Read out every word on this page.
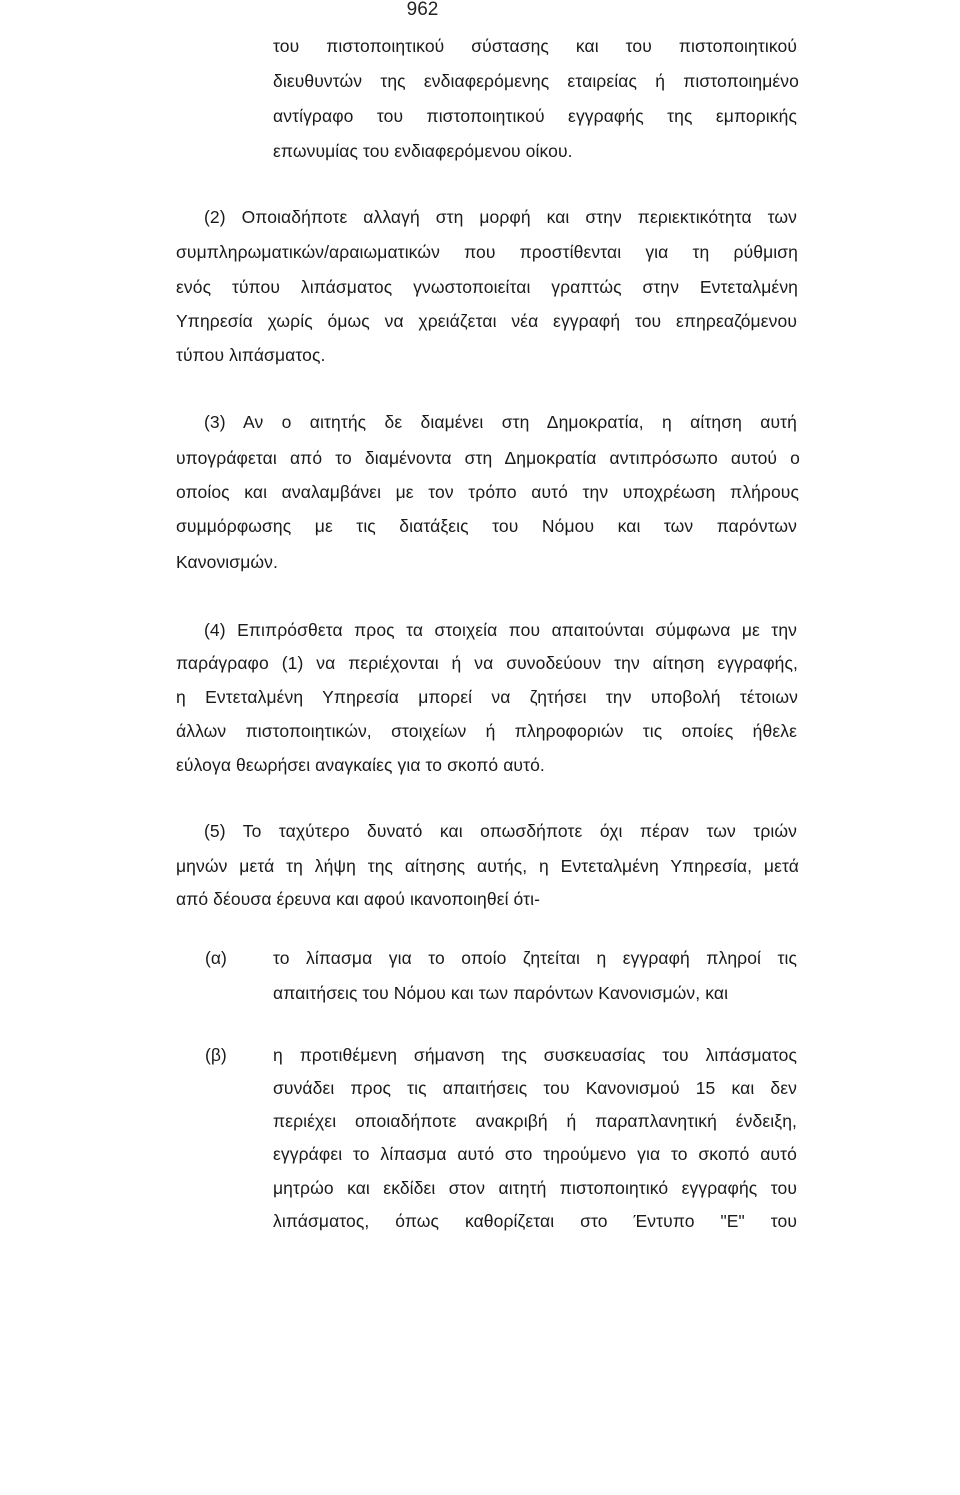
962
του πιστοποιητικού σύστασης και του πιστοποιητικού
διευθυντών της ενδιαφερόμενης εταιρείας ή πιστοποιημένο
αντίγραφο του πιστοποιητικού εγγραφής της εμπορικής
επωνυμίας του ενδιαφερόμενου οίκου.
(2) Οποιαδήποτε αλλαγή στη μορφή και στην περιεκτικότητα των
συμπληρωματικών/αραιωματικών που προστίθενται για τη ρύθμιση
ενός τύπου λιπάσματος γνωστοποιείται γραπτώς στην Εντεταλμένη
Υπηρεσία χωρίς όμως να χρειάζεται νέα εγγραφή του επηρεαζόμενου
τύπου λιπάσματος.
(3) Αν ο αιτητής δε διαμένει στη Δημοκρατία, η αίτηση αυτή
υπογράφεται από το διαμένοντα στη Δημοκρατία αντιπρόσωπο αυτού ο
οποίος και αναλαμβάνει με τον τρόπο αυτό την υποχρέωση πλήρους
συμμόρφωσης με τις διατάξεις του Νόμου και των παρόντων
Κανονισμών.
(4) Επιπρόσθετα προς τα στοιχεία που απαιτούνται σύμφωνα με την
παράγραφο (1) να περιέχονται ή να συνοδεύουν την αίτηση εγγραφής,
η Εντεταλμένη Υπηρεσία μπορεί να ζητήσει την υποβολή τέτοιων
άλλων πιστοποιητικών, στοιχείων ή πληροφοριών τις οποίες ήθελε
εύλογα θεωρήσει αναγκαίες για το σκοπό αυτό.
(5) Το ταχύτερο δυνατό και οπωσδήποτε όχι πέραν των τριών
μηνών μετά τη λήψη της αίτησης αυτής, η Εντεταλμένη Υπηρεσία, μετά
από δέουσα έρευνα και αφού ικανοποιηθεί ότι-
(α)	το λίπασμα για το οποίο ζητείται η εγγραφή πληροί τις
απαιτήσεις του Νόμου και των παρόντων Κανονισμών, και
(β)	η προτιθέμενη σήμανση της συσκευασίας του λιπάσματος
συνάδει προς τις απαιτήσεις του Κανονισμού 15 και δεν
περιέχει οποιαδήποτε ανακριβή ή παραπλανητική ένδειξη,
εγγράφει το λίπασμα αυτό στο τηρούμενο για το σκοπό αυτό
μητρώο και εκδίδει στον αιτητή πιστοποιητικό εγγραφής του
λιπάσματος, όπως καθορίζεται στο Έντυπο "Ε" του
